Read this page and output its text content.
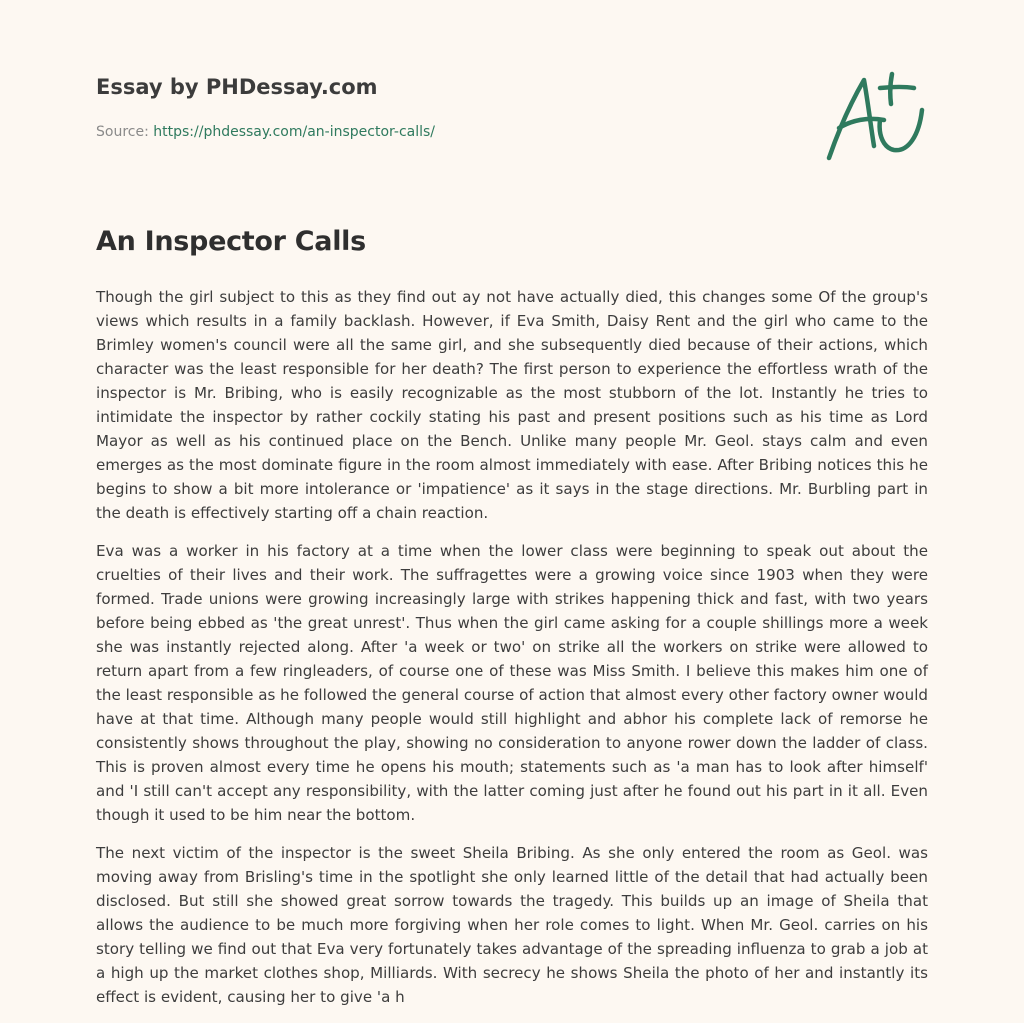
Essay by PHDessay.com
Source: https://phdessay.com/an-inspector-calls/
An Inspector Calls

Though the girl subject to this as they find out ay not have actually died, this changes some Of the group's views which results in a family backlash. However, if Eva Smith, Daisy Rent and the girl who came to the Brimley women's council were all the same girl, and she subsequently died because of their actions, which character was the least responsible for her death? The first person to experience the effortless wrath of the inspector is Mr. Bribing, who is easily recognizable as the most stubborn of the lot. Instantly he tries to intimidate the inspector by rather cockily stating his past and present positions such as his time as Lord Mayor as well as his continued place on the Bench. Unlike many people Mr. Geol. stays calm and even emerges as the most dominate figure in the room almost immediately with ease. After Bribing notices this he begins to show a bit more intolerance or 'impatience' as it says in the stage directions. Mr. Burbling part in the death is effectively starting off a chain reaction.

Eva was a worker in his factory at a time when the lower class were beginning to speak out about the cruelties of their lives and their work. The suffragettes were a growing voice since 1903 when they were formed. Trade unions were growing increasingly large with strikes happening thick and fast, with two years before being ebbed as 'the great unrest'. Thus when the girl came asking for a couple shillings more a week she was instantly rejected along. After 'a week or two' on strike all the workers on strike were allowed to return apart from a few ringleaders, of course one of these was Miss Smith. I believe this makes him one of the least responsible as he followed the general course of action that almost every other factory owner would have at that time. Although many people would still highlight and abhor his complete lack of remorse he consistently shows throughout the play, showing no consideration to anyone rower down the ladder of class. This is proven almost every time he opens his mouth; statements such as 'a man has to look after himself' and 'I still can't accept any responsibility, with the latter coming just after he found out his part in it all. Even though it used to be him near the bottom.

The next victim of the inspector is the sweet Sheila Bribing. As she only entered the room as Geol. was moving away from Brisling's time in the spotlight she only learned little of the detail that had actually been disclosed. But still she showed great sorrow towards the tragedy. This builds up an image of Sheila that allows the audience to be much more forgiving when her role comes to light. When Mr. Geol. carries on his story telling we find out that Eva very fortunately takes advantage of the spreading influenza to grab a job at a high up the market clothes shop, Milliards. With secrecy he shows Sheila the photo of her and instantly its effect is evident, causing her to give 'a h
